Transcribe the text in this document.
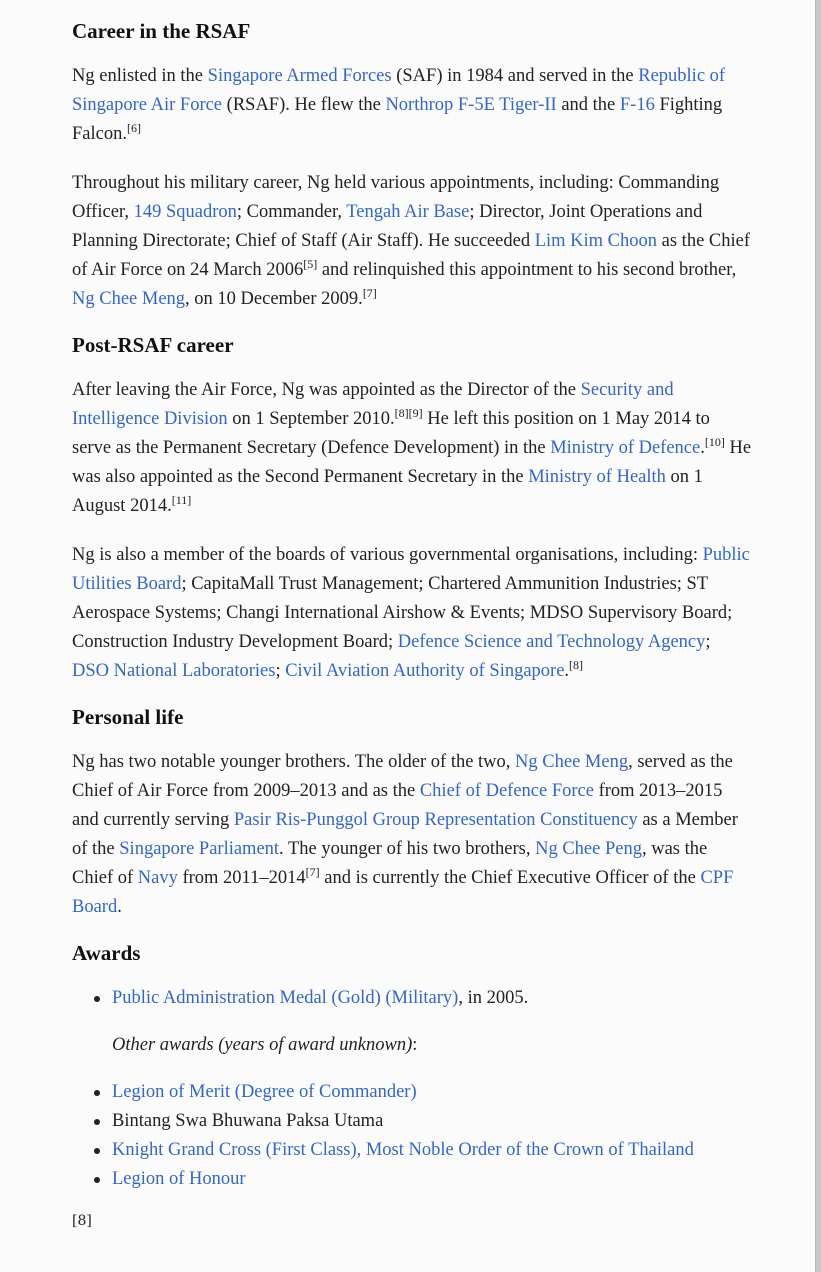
Career in the RSAF

Ng enlisted in the Singapore Armed Forces (SAF) in 1984 and served in the Republic of Singapore Air Force (RSAF). He flew the Northrop F-5E Tiger-II and the F-16 Fighting Falcon.[6]

Throughout his military career, Ng held various appointments, including: Commanding Officer, 149 Squadron; Commander, Tengah Air Base; Director, Joint Operations and Planning Directorate; Chief of Staff (Air Staff). He succeeded Lim Kim Choon as the Chief of Air Force on 24 March 2006[5] and relinquished this appointment to his second brother, Ng Chee Meng, on 10 December 2009.[7]

Post-RSAF career

After leaving the Air Force, Ng was appointed as the Director of the Security and Intelligence Division on 1 September 2010.[8][9] He left this position on 1 May 2014 to serve as the Permanent Secretary (Defence Development) in the Ministry of Defence.[10] He was also appointed as the Second Permanent Secretary in the Ministry of Health on 1 August 2014.[11]

Ng is also a member of the boards of various governmental organisations, including: Public Utilities Board; CapitaMall Trust Management; Chartered Ammunition Industries; ST Aerospace Systems; Changi International Airshow & Events; MDSO Supervisory Board; Construction Industry Development Board; Defence Science and Technology Agency; DSO National Laboratories; Civil Aviation Authority of Singapore.[8]

Personal life

Ng has two notable younger brothers. The older of the two, Ng Chee Meng, served as the Chief of Air Force from 2009–2013 and as the Chief of Defence Force from 2013–2015 and currently serving Pasir Ris-Punggol Group Representation Constituency as a Member of the Singapore Parliament. The younger of his two brothers, Ng Chee Peng, was the Chief of Navy from 2011–2014[7] and is currently the Chief Executive Officer of the CPF Board.

Awards
Public Administration Medal (Gold) (Military), in 2005.

Other awards (years of award unknown):

Legion of Merit (Degree of Commander)
Bintang Swa Bhuwana Paksa Utama
Knight Grand Cross (First Class), Most Noble Order of the Crown of Thailand
Legion of Honour
[8]
